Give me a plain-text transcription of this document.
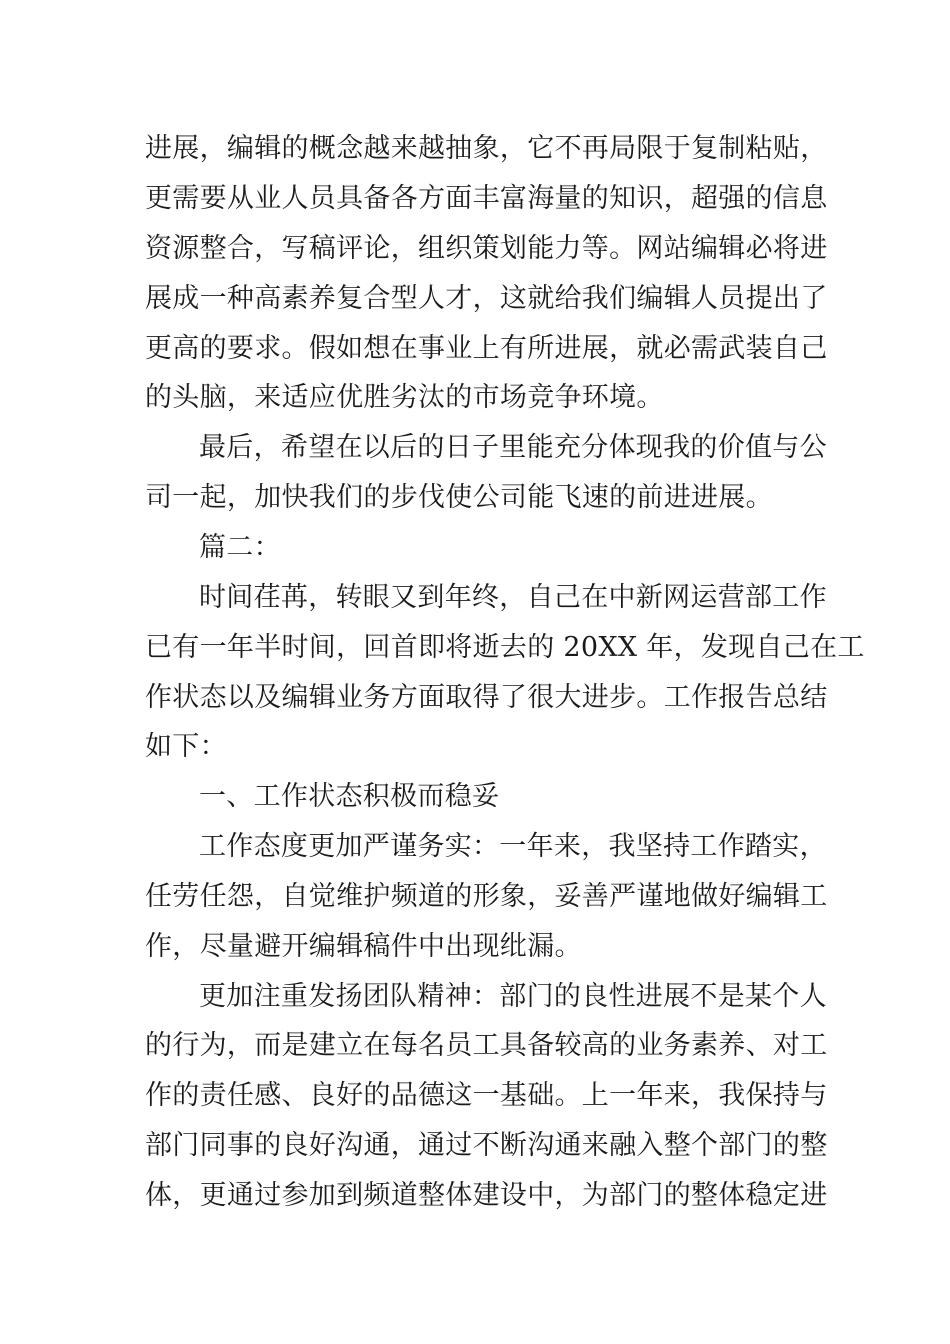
进展，编辑的概念越来越抽象，它不再局限于复制粘贴，
更需要从业人员具备各方面丰富海量的知识，超强的信息
资源整合，写稿评论，组织策划能力等。网站编辑必将进
展成一种高素养复合型人才，这就给我们编辑人员提出了
更高的要求。假如想在事业上有所进展，就必需武装自己
的头脑，来适应优胜劣汰的市场竞争环境。
最后，希望在以后的日子里能充分体现我的价值与公
司一起，加快我们的步伐使公司能飞速的前进进展。
篇二：
时间荏苒，转眼又到年终，自己在中新网运营部工作
已有一年半时间，回首即将逝去的 20XX 年，发现自己在工
作状态以及编辑业务方面取得了很大进步。工作报告总结
如下：
一、工作状态积极而稳妥
工作态度更加严谨务实：一年来，我坚持工作踏实，
任劳任怨，自觉维护频道的形象，妥善严谨地做好编辑工
作，尽量避开编辑稿件中出现纰漏。
更加注重发扬团队精神：部门的良性进展不是某个人
的行为，而是建立在每名员工具备较高的业务素养、对工
作的责任感、良好的品德这一基础。上一年来，我保持与
部门同事的良好沟通，通过不断沟通来融入整个部门的整
体，更通过参加到频道整体建设中，为部门的整体稳定进
